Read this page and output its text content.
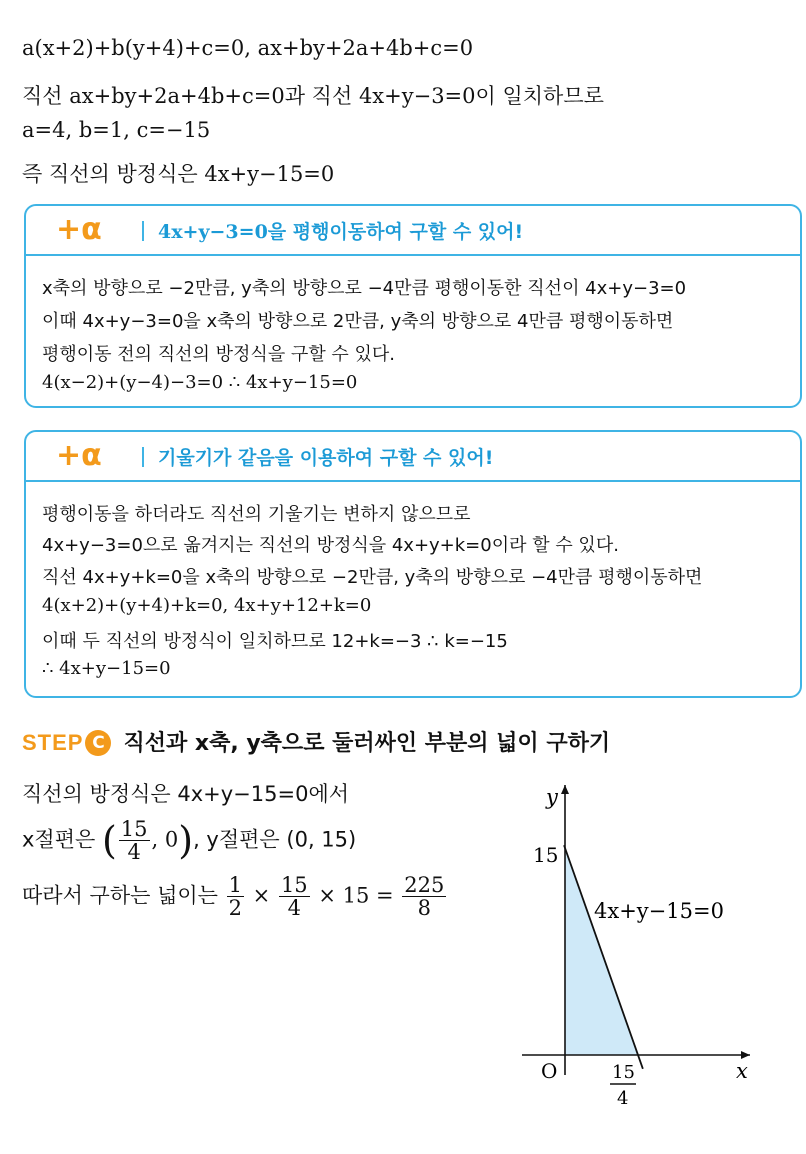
a(x+2)+b(y+4)+c=0, ax+by+2a+4b+c=0
직선 ax+by+2a+4b+c=0과 직선 4x+y−3=0이 일치하므로
a=4, b=1, c=−15
즉 직선의 방정식은 4x+y−15=0
+α	4x+y−3=0을 평행이동하여 구할 수 있어!
x축의 방향으로 −2만큼, y축의 방향으로 −4만큼 평행이동한 직선이 4x+y−3=0
이때 4x+y−3=0을 x축의 방향으로 2만큼, y축의 방향으로 4만큼 평행이동하면
평행이동 전의 직선의 방정식을 구할 수 있다.
4(x−2)+(y−4)−3=0 ∴ 4x+y−15=0
+α	기울기가 같음을 이용하여 구할 수 있어!
평행이동을 하더라도 직선의 기울기는 변하지 않으므로
4x+y−3=0으로 옮겨지는 직선의 방정식을 4x+y+k=0이라 할 수 있다.
직선 4x+y+k=0을 x축의 방향으로 −2만큼, y축의 방향으로 −4만큼 평행이동하면
4(x+2)+(y+4)+k=0, 4x+y+12+k=0
이때 두 직선의 방정식이 일치하므로 12+k=−3 ∴ k=−15
∴ 4x+y−15=0
STEP C 직선과 x축, y축으로 둘러싸인 부분의 넓이 구하기
직선의 방정식은 4x+y−15=0에서
x절편은 ( $\frac{15}{4}$ , 0), y절편은 (0, 15)
따라서 구하는 넓이는 $\frac{1}{2} \times \frac{15}{4} \times 15 = \frac{225}{8}$
y
x
O
15
15
4
4x+y−15=0
